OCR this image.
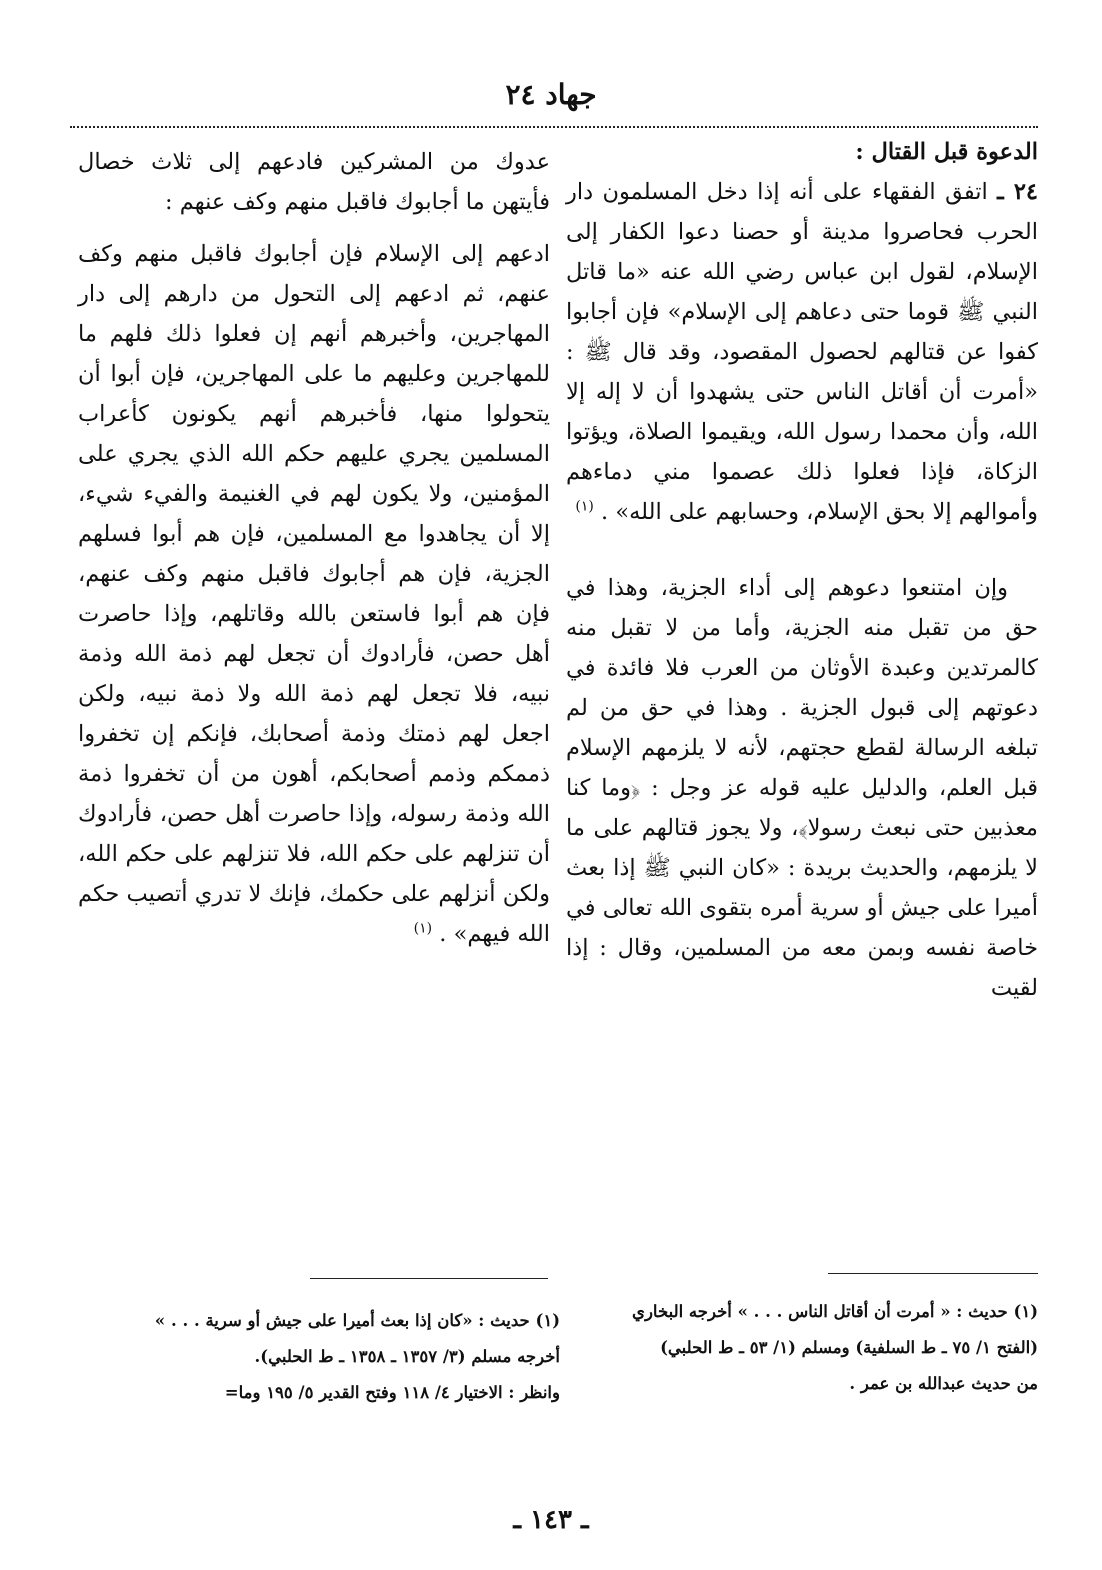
جهاد ٢٤

الدعوة قبل القتال :

٢٤ ـ اتفق الفقهاء على أنه إذا دخل المسلمون دار الحرب فحاصروا مدينة أو حصنا دعوا الكفار إلى الإسلام، لقول ابن عباس رضي الله عنه «ما قاتل النبي ﷺ قوما حتى دعاهم إلى الإسلام» فإن أجابوا كفوا عن قتالهم لحصول المقصود، وقد قال ﷺ : «أمرت أن أقاتل الناس حتى يشهدوا أن لا إله إلا الله، وأن محمدا رسول الله، ويقيموا الصلاة، ويؤتوا الزكاة، فإذا فعلوا ذلك عصموا مني دماءهم وأموالهم إلا بحق الإسلام، وحسابهم على الله» . $^{(١)}$

وإن امتنعوا دعوهم إلى أداء الجزية، وهذا في حق من تقبل منه الجزية، وأما من لا تقبل منه كالمرتدين وعبدة الأوثان من العرب فلا فائدة في دعوتهم إلى قبول الجزية . وهذا في حق من لم تبلغه الرسالة لقطع حجتهم، لأنه لا يلزمهم الإسلام قبل العلم، والدليل عليه قوله عز وجل : ﴿وما كنا معذبين حتى نبعث رسولا﴾، ولا يجوز قتالهم على ما لا يلزمهم، والحديث بريدة : «كان النبي ﷺ إذا بعث أميرا على جيش أو سرية أمره بتقوى الله تعالى في خاصة نفسه وبمن معه من المسلمين، وقال : إذا لقيت

عدوك من المشركين فادعهم إلى ثلاث خصال فأيتهن ما أجابوك فاقبل منهم وكف عنهم :

ادعهم إلى الإسلام فإن أجابوك فاقبل منهم وكف عنهم، ثم ادعهم إلى التحول من دارهم إلى دار المهاجرين، وأخبرهم أنهم إن فعلوا ذلك فلهم ما للمهاجرين وعليهم ما على المهاجرين، فإن أبوا أن يتحولوا منها، فأخبرهم أنهم يكونون كأعراب المسلمين يجري عليهم حكم الله الذي يجري على المؤمنين، ولا يكون لهم في الغنيمة والفيء شيء، إلا أن يجاهدوا مع المسلمين، فإن هم أبوا فسلهم الجزية، فإن هم أجابوك فاقبل منهم وكف عنهم، فإن هم أبوا فاستعن بالله وقاتلهم، وإذا حاصرت أهل حصن، فأرادوك أن تجعل لهم ذمة الله وذمة نبيه، فلا تجعل لهم ذمة الله ولا ذمة نبيه، ولكن اجعل لهم ذمتك وذمة أصحابك، فإنكم إن تخفروا ذممكم وذمم أصحابكم، أهون من أن تخفروا ذمة الله وذمة رسوله، وإذا حاصرت أهل حصن، فأرادوك أن تنزلهم على حكم الله، فلا تنزلهم على حكم الله، ولكن أنزلهم على حكمك، فإنك لا تدري أتصيب حكم الله فيهم» . $^{(١)}$

(١) حديث : « أمرت أن أقاتل الناس . . . » أخرجه البخاري

(الفتح ١/ ٧٥ ـ ط السلفية) ومسلم (١/ ٥٣ ـ ط الحلبي)

من حديث عبدالله بن عمر .

(١) حديث : «كان إذا بعث أميرا على جيش أو سرية . . . »

أخرجه مسلم (٣/ ١٣٥٧ ـ ١٣٥٨ ـ ط الحلبي).

وانظر : الاختيار ٤/ ١١٨ وفتح القدير ٥/ ١٩٥ وما=

ـ ١٤٣ ـ
